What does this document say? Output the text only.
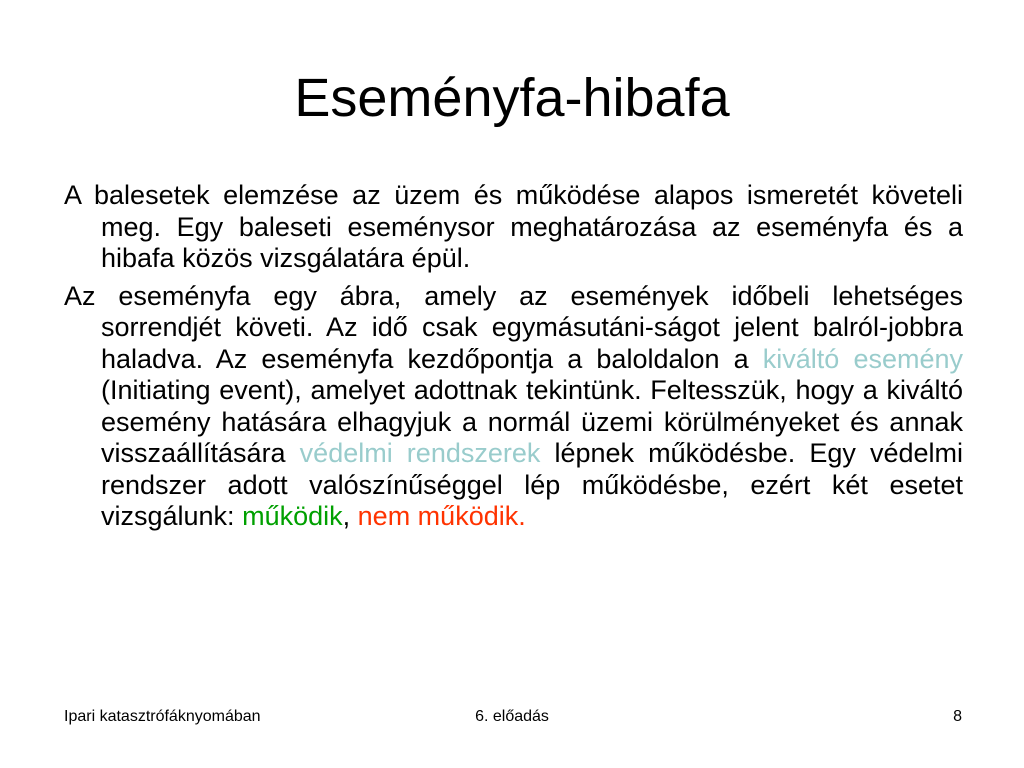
Eseményfa-hibafa

A balesetek elemzése az üzem és működése alapos ismeretét követeli meg. Egy baleseti eseménysor meghatározása az eseményfa és a hibafa közös vizsgálatára épül.

Az eseményfa egy ábra, amely az események időbeli lehetséges sorrendjét követi. Az idő csak egymásutáni-ságot jelent balról-jobbra haladva. Az eseményfa kezdőpontja a baloldalon a kiváltó esemény (Initiating event), amelyet adottnak tekintünk. Feltesszük, hogy a kiváltó esemény hatására elhagyjuk a normál üzemi körülményeket és annak visszaállítására védelmi rendszerek lépnek működésbe. Egy védelmi rendszer adott valószínűséggel lép működésbe, ezért két esetet vizsgálunk: működik, nem működik.

Ipari katasztrófáknyomában	6. előadás	8
